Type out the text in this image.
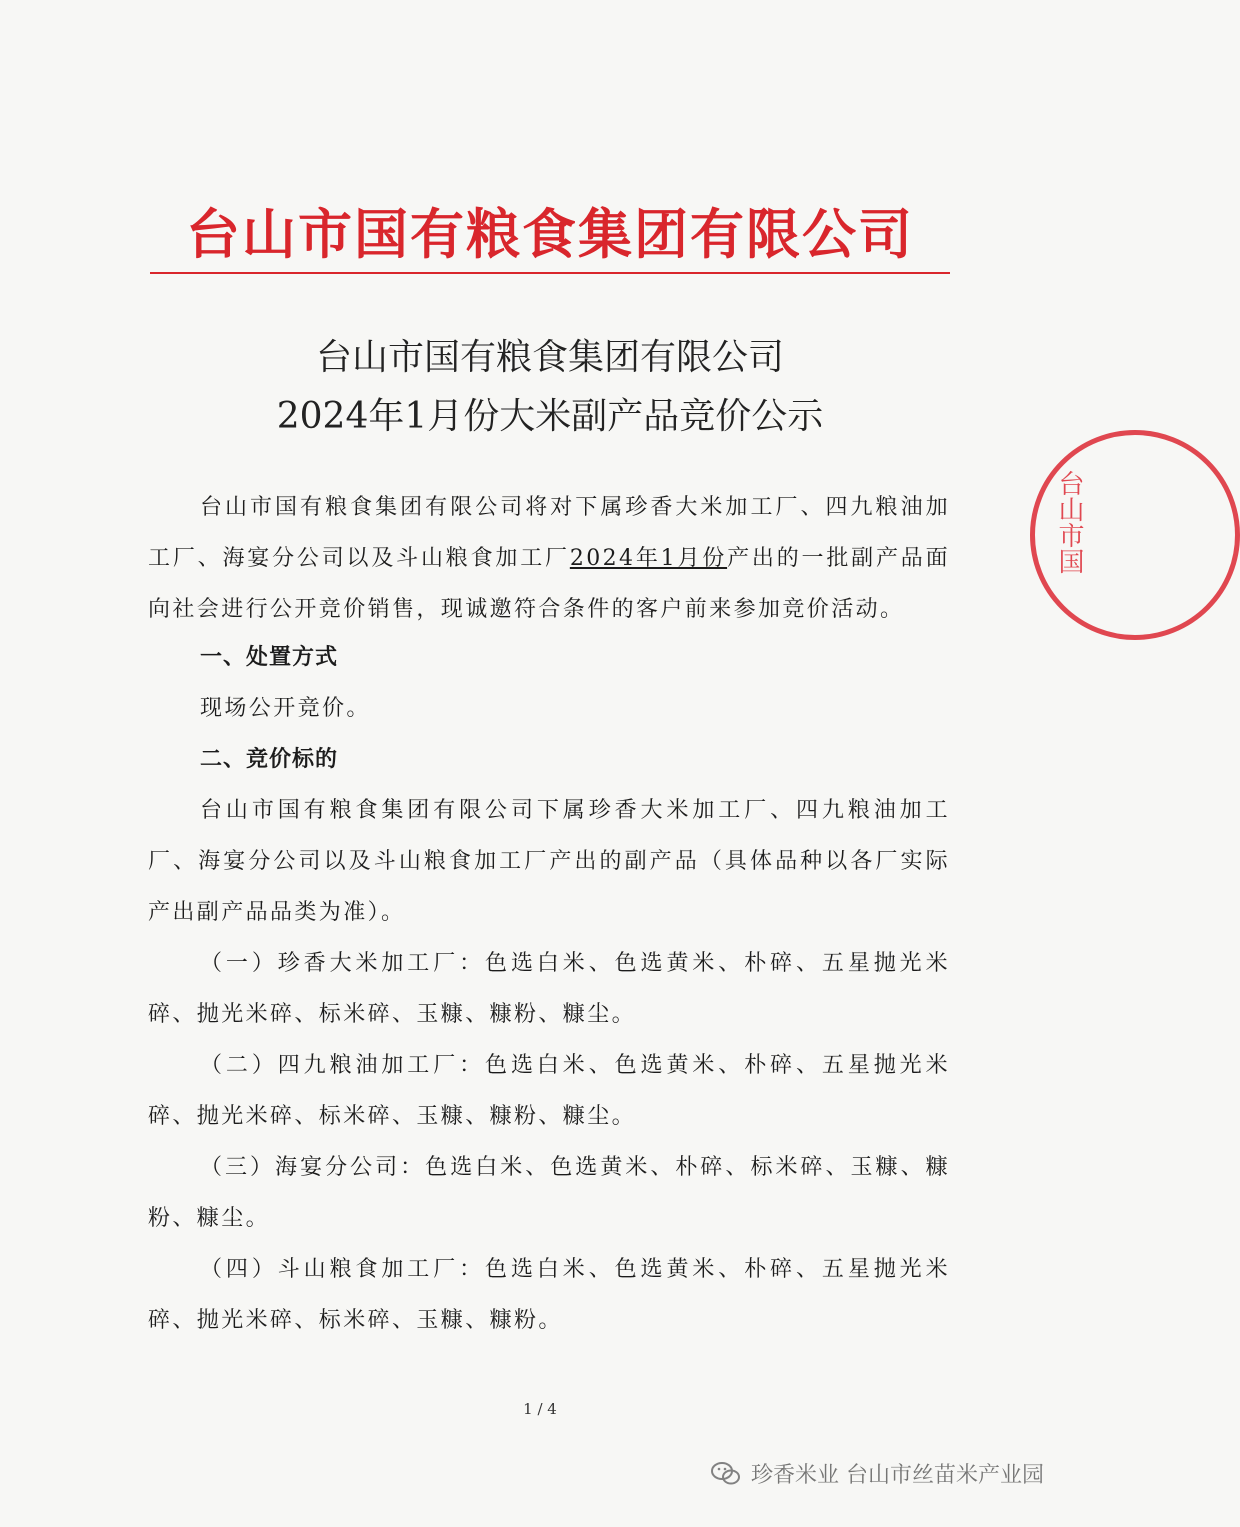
台山市国有粮食集团有限公司
台山市国有粮食集团有限公司
2024年1月份大米副产品竞价公示
台山市国有粮食集团有限公司将对下属珍香大米加工厂、四九粮油加工厂、海宴分公司以及斗山粮食加工厂2024年1月份产出的一批副产品面向社会进行公开竞价销售，现诚邀符合条件的客户前来参加竞价活动。
一、处置方式
现场公开竞价。
二、竞价标的
台山市国有粮食集团有限公司下属珍香大米加工厂、四九粮油加工厂、海宴分公司以及斗山粮食加工厂产出的副产品（具体品种以各厂实际产出副产品品类为准）。
（一）珍香大米加工厂：色选白米、色选黄米、朴碎、五星抛光米碎、抛光米碎、标米碎、玉糠、糠粉、糠尘。
（二）四九粮油加工厂：色选白米、色选黄米、朴碎、五星抛光米碎、抛光米碎、标米碎、玉糠、糠粉、糠尘。
（三）海宴分公司：色选白米、色选黄米、朴碎、标米碎、玉糠、糠粉、糠尘。
（四）斗山粮食加工厂：色选白米、色选黄米、朴碎、五星抛光米碎、抛光米碎、标米碎、玉糠、糠粉。
1 / 4
台山市国
珍香米业 台山市丝苗米产业园
